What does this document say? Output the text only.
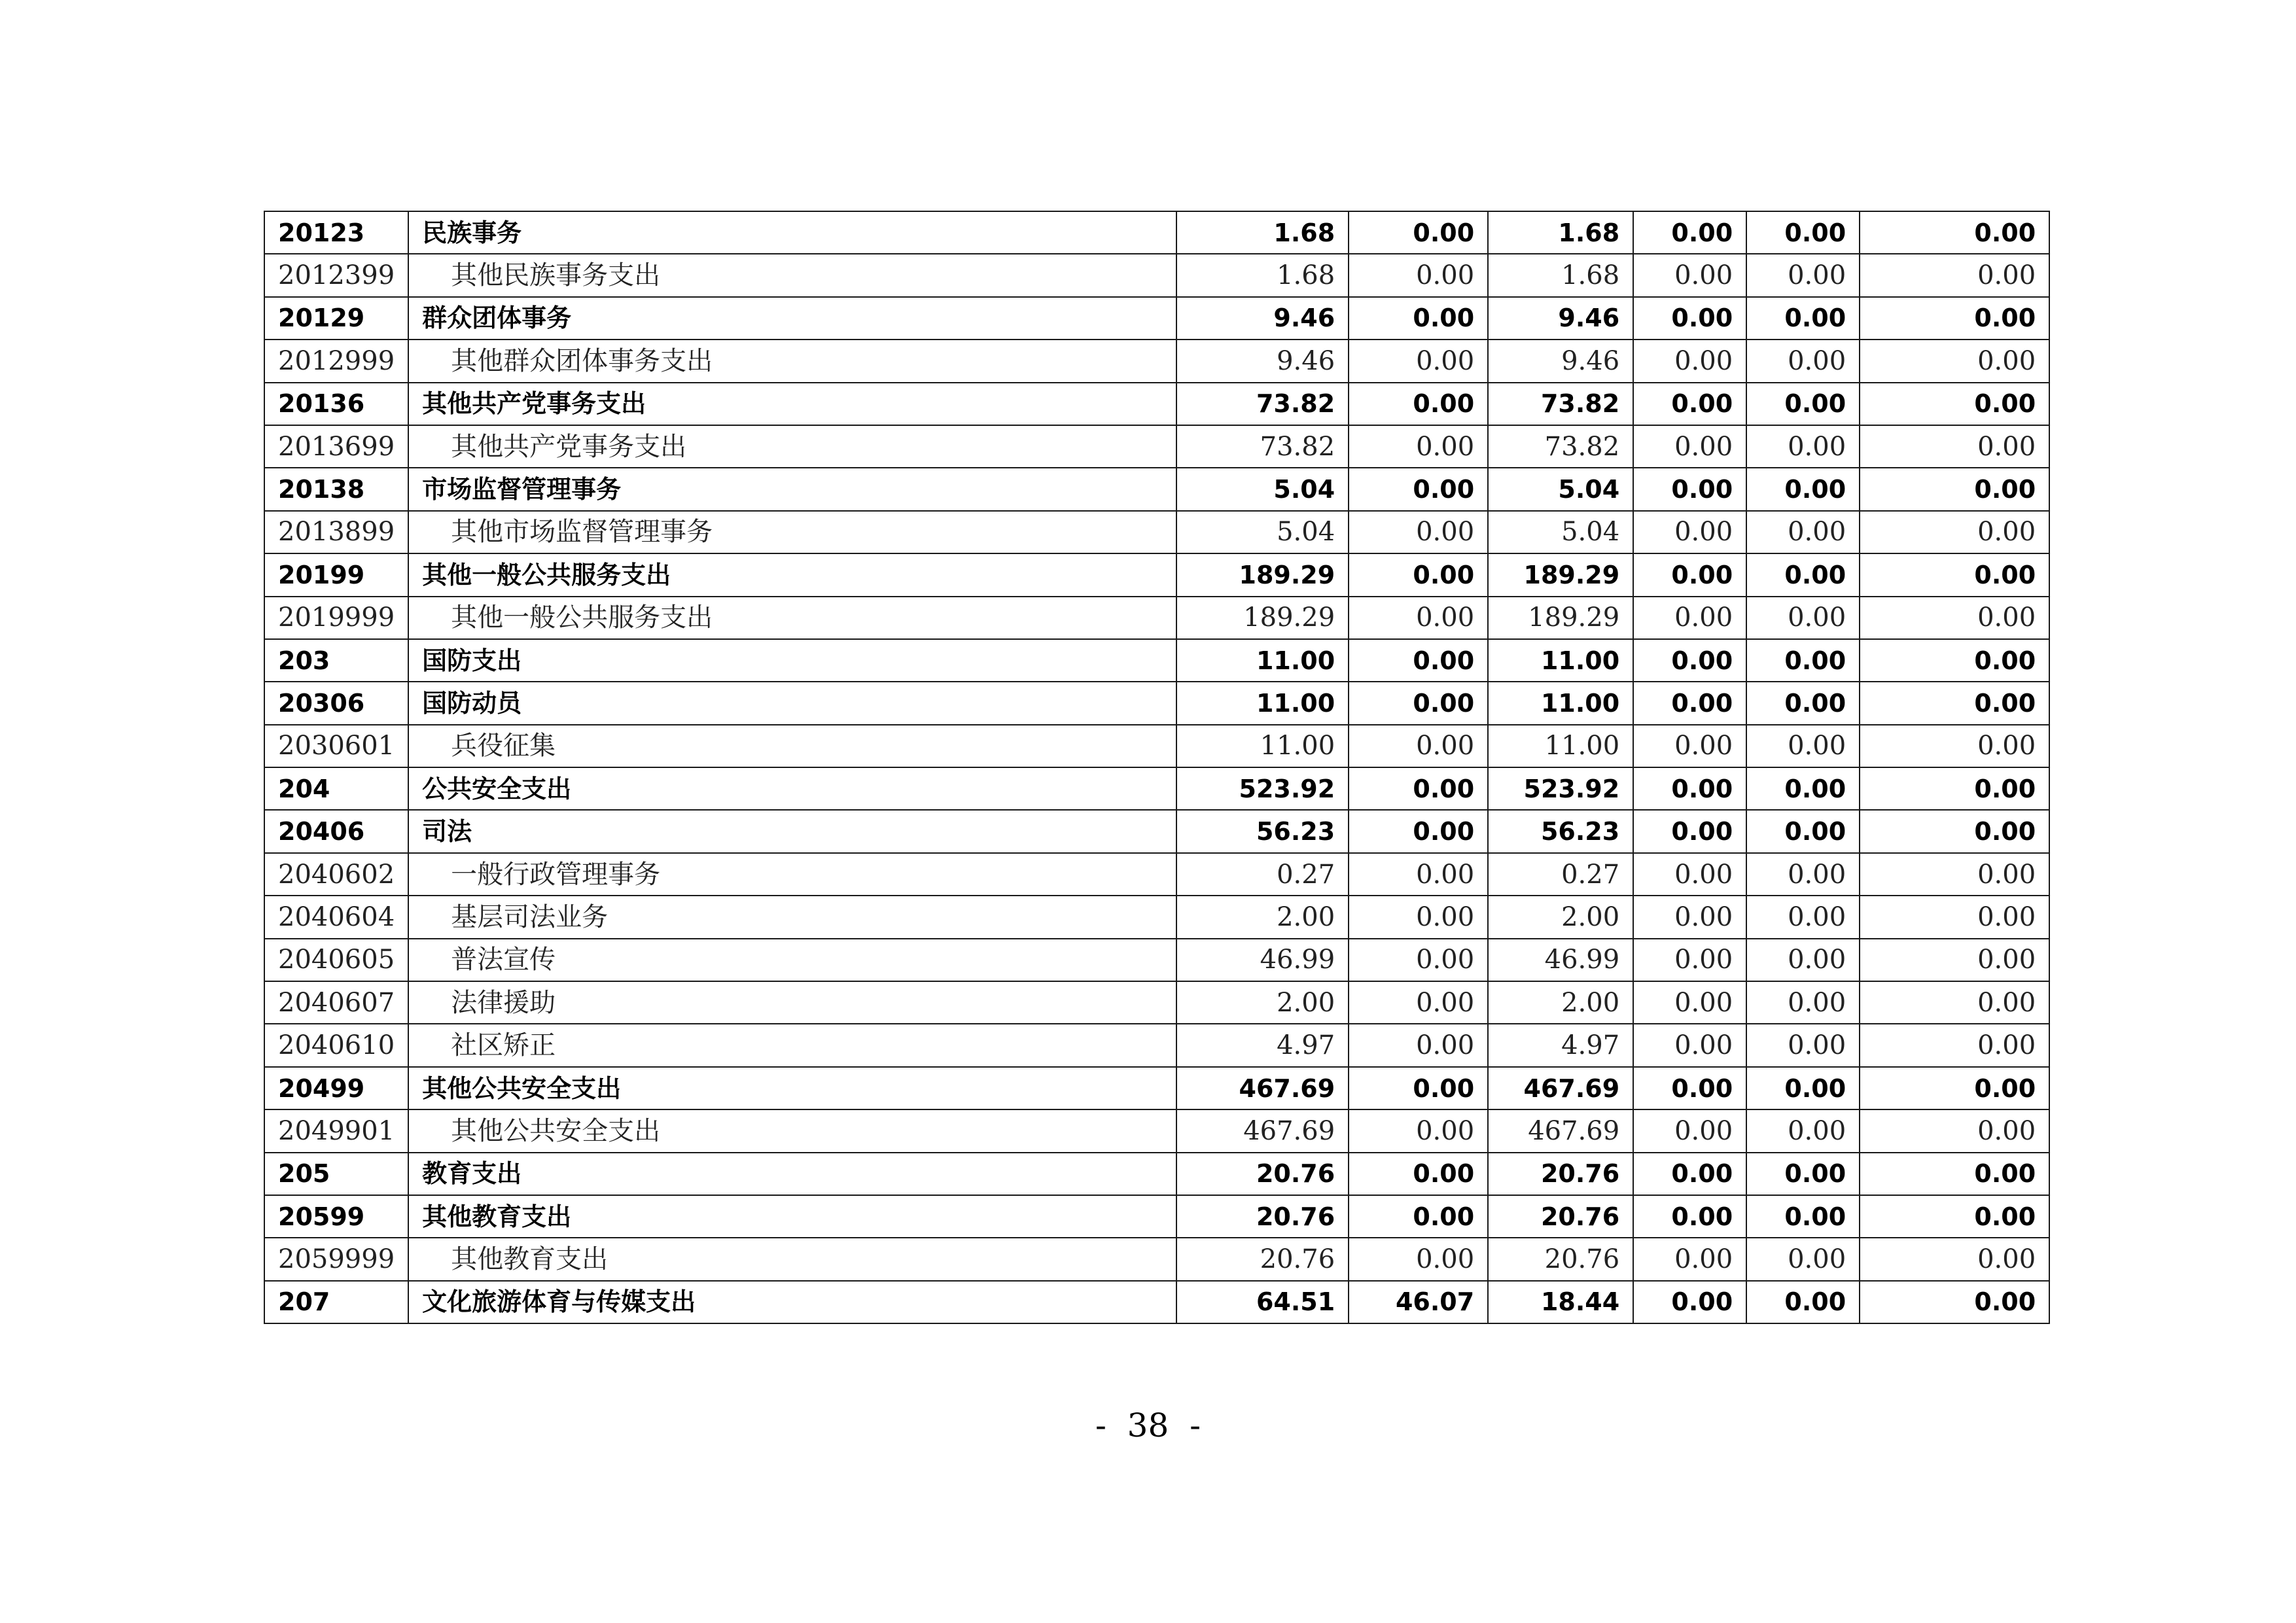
20123	民族事务	1.68	0.00	1.68	0.00	0.00	0.00
2012399	其他民族事务支出	1.68	0.00	1.68	0.00	0.00	0.00
20129	群众团体事务	9.46	0.00	9.46	0.00	0.00	0.00
2012999	其他群众团体事务支出	9.46	0.00	9.46	0.00	0.00	0.00
20136	其他共产党事务支出	73.82	0.00	73.82	0.00	0.00	0.00
2013699	其他共产党事务支出	73.82	0.00	73.82	0.00	0.00	0.00
20138	市场监督管理事务	5.04	0.00	5.04	0.00	0.00	0.00
2013899	其他市场监督管理事务	5.04	0.00	5.04	0.00	0.00	0.00
20199	其他一般公共服务支出	189.29	0.00	189.29	0.00	0.00	0.00
2019999	其他一般公共服务支出	189.29	0.00	189.29	0.00	0.00	0.00
203	国防支出	11.00	0.00	11.00	0.00	0.00	0.00
20306	国防动员	11.00	0.00	11.00	0.00	0.00	0.00
2030601	兵役征集	11.00	0.00	11.00	0.00	0.00	0.00
204	公共安全支出	523.92	0.00	523.92	0.00	0.00	0.00
20406	司法	56.23	0.00	56.23	0.00	0.00	0.00
2040602	一般行政管理事务	0.27	0.00	0.27	0.00	0.00	0.00
2040604	基层司法业务	2.00	0.00	2.00	0.00	0.00	0.00
2040605	普法宣传	46.99	0.00	46.99	0.00	0.00	0.00
2040607	法律援助	2.00	0.00	2.00	0.00	0.00	0.00
2040610	社区矫正	4.97	0.00	4.97	0.00	0.00	0.00
20499	其他公共安全支出	467.69	0.00	467.69	0.00	0.00	0.00
2049901	其他公共安全支出	467.69	0.00	467.69	0.00	0.00	0.00
205	教育支出	20.76	0.00	20.76	0.00	0.00	0.00
20599	其他教育支出	20.76	0.00	20.76	0.00	0.00	0.00
2059999	其他教育支出	20.76	0.00	20.76	0.00	0.00	0.00
207	文化旅游体育与传媒支出	64.51	46.07	18.44	0.00	0.00	0.00
-  38  -
